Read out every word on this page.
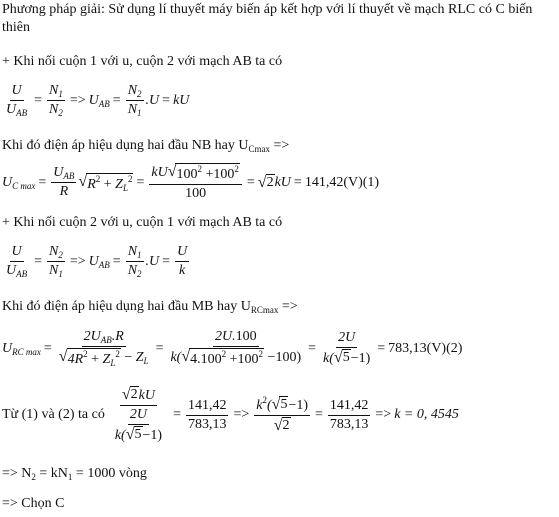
Phương pháp giải: Sử dụng lí thuyết máy biến áp kết hợp với lí thuyết về mạch RLC có C biến
thiên
+ Khi nối cuộn 1 với u, cuộn 2 với mạch AB ta có
$\frac{U}{U_{AB}} = \frac{N_1}{N_2} => U_{AB} = \frac{N_2}{N_1} .U$ = kU
Khi đó điện áp hiệu dụng hai đầu NB hay $U_{Cmax}$ =>
$U_{C max} = \frac{U_{AB}}{R}$ √ $R^2 + Z_L^2 = \frac{kU √ 100^2 +100^2}{100}$ = √ 2 kU = 141,42(V)(1)
+ Khi nối cuộn 2 với u, cuộn 1 với mạch AB ta có
$\frac{U}{U_{AB}} = \frac{N_2}{N_1} => U_{AB} = \frac{N_1}{N_2} .U = \frac{U}{k}$
Khi đó điện áp hiệu dụng hai đầu MB hay $U_{RCmax}$ =>
$U_{RC max} = \frac{2U_{AB}.R}{√ 4R^2 + Z_L^2 - Z_L} = \frac{2U.100}{k( √ 4.100^2 +100^2 -100)} = \frac{2U}{k( √ 5 -1)} = 783,13(V)(2)$
Từ (1) và (2) ta có $\frac{√ 2 kU}{\frac{2U}{k( √ 5 -1)}} = \frac{141,42}{783,13} => \frac{k^2( √ 5 -1)}{√ 2} = \frac{141,42}{783,13} => k = 0$, 4545
=> $N_2 = kN_1 = 1000$ vòng
=> Chọn C
